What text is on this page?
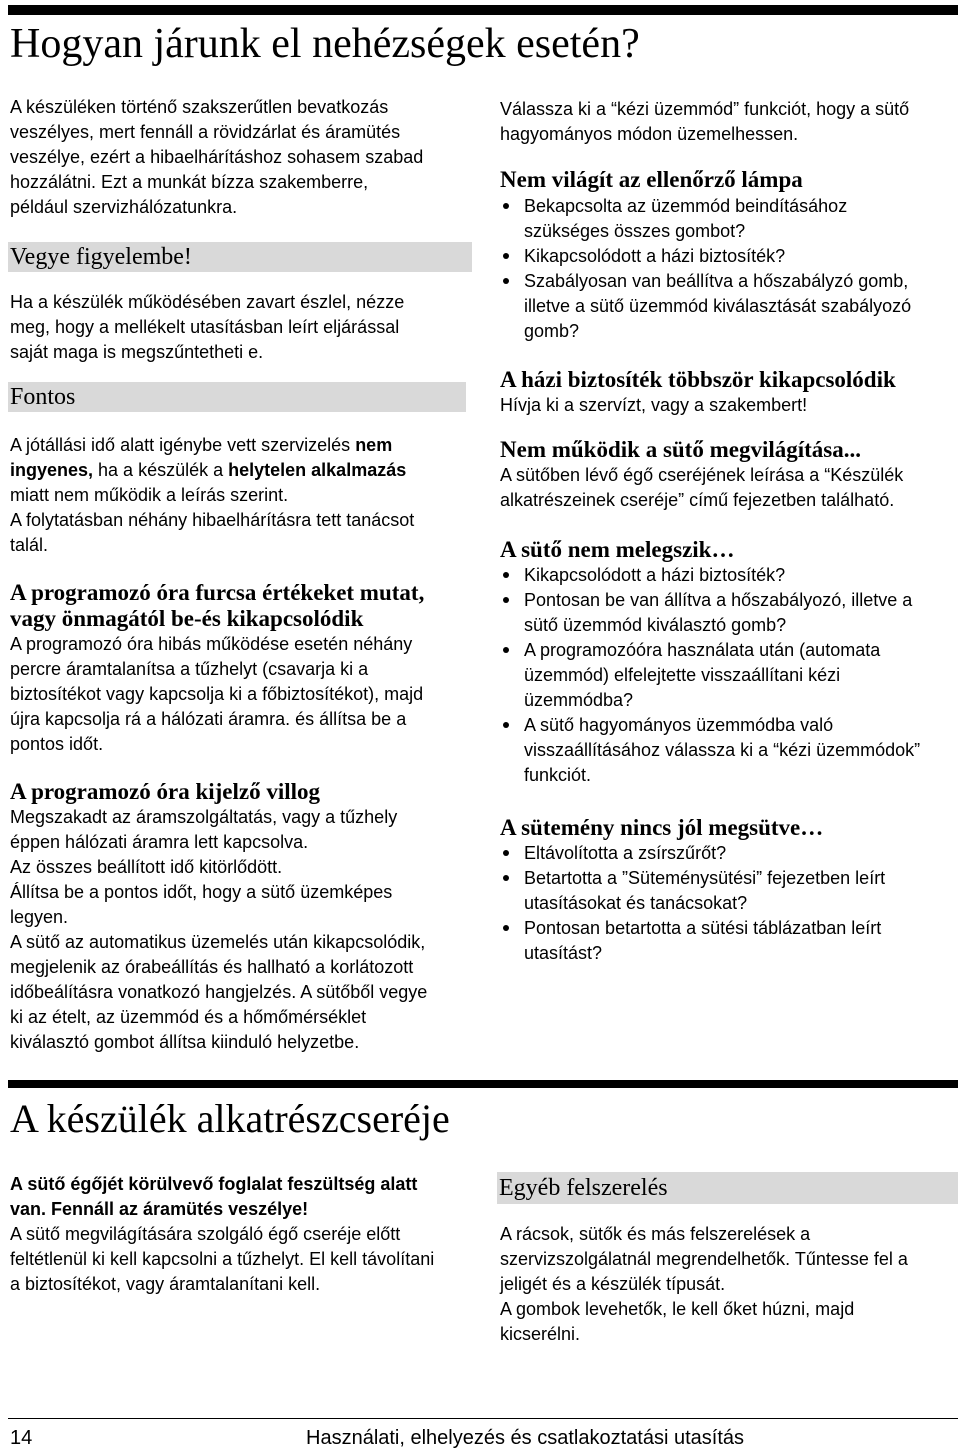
Hogyan járunk el nehézségek esetén?
A készüléken történő szakszerűtlen bevatkozás
veszélyes, mert fennáll a rövidzárlat és áramütés
veszélye, ezért a hibaelhárításhoz sohasem szabad
hozzálátni. Ezt a munkát bízza szakemberre,
például szervizhálózatunkra.
Vegye figyelembe!
Ha a készülék működésében zavart észlel, nézze
meg, hogy a mellékelt utasításban leírt eljárással
saját maga is megszűntetheti e.
Fontos
A jótállási idő alatt igénybe vett szervizelés nem
ingyenes, ha a készülék a helytelen alkalmazás
miatt nem működik a leírás szerint.
A folytatásban néhány hibaelhárításra tett tanácsot
talál.
A programozó óra furcsa értékeket mutat,
vagy önmagától be-és kikapcsolódik
A programozó óra hibás működése esetén néhány
percre áramtalanítsa a tűzhelyt (csavarja ki a
biztosítékot vagy kapcsolja ki a főbiztosítékot), majd
újra kapcsolja rá a hálózati áramra. és állítsa be a
pontos időt.
A programozó óra kijelző villog
Megszakadt az áramszolgáltatás, vagy a tűzhely
éppen hálózati áramra lett kapcsolva.
Az összes beállított idő kitörlődött.
Állítsa be a pontos időt, hogy a sütő üzemképes
legyen.
A sütő az automatikus üzemelés után kikapcsolódik,
megjelenik az órabeállítás és hallható a korlátozott
időbeálításra vonatkozó hangjelzés. A sütőből vegye
ki az ételt, az üzemmód és a hőmőmérséklet
kiválasztó gombot állítsa kiinduló helyzetbe.
Válassza ki a “kézi üzemmód” funkciót, hogy a sütő
hagyományos módon üzemelhessen.
Nem világít az ellenőrző lámpa
Bekapcsolta az üzemmód beindításához
szükséges összes gombot?
Kikapcsolódott a házi biztosíték?
Szabályosan van beállítva a hőszabályzó gomb,
illetve a sütő üzemmód kiválasztását szabályozó
gomb?
A házi biztosíték többször kikapcsolódik
Hívja ki a szervízt, vagy a szakembert!
Nem működik a sütő megvilágítása...
A sütőben lévő égő cseréjének leírása a “Készülék
alkatrészeinek cseréje” című fejezetben található.
A sütő nem melegszik…
Kikapcsolódott a házi biztosíték?
Pontosan be van állítva a hőszabályozó, illetve a
sütő üzemmód kiválasztó gomb?
A programozóóra használata után (automata
üzemmód) elfelejtette visszaállítani kézi
üzemmódba?
A sütő hagyományos üzemmódba való
visszaállításához válassza ki a “kézi üzemmódok”
funkciót.
A sütemény nincs jól megsütve…
Eltávolította a zsírszűrőt?
Betartotta a ”Süteménysütési” fejezetben leírt
utasításokat és tanácsokat?
Pontosan betartotta a sütési táblázatban leírt
utasítást?
A készülék alkatrészcseréje
A sütő égőjét körülvevő foglalat feszültség alatt
van. Fennáll az áramütés veszélye!
A sütő megvilágítására szolgáló égő cseréje előtt
feltétlenül ki kell kapcsolni a tűzhelyt. El kell távolítani
a biztosítékot, vagy áramtalanítani kell.
Egyéb felszerelés
A rácsok, sütők és más felszerelések a
szervizszolgálatnál megrendelhetők. Tűntesse fel a
jeligét és a készülék típusát.
A gombok levehetők, le kell őket húzni, majd
kicserélni.
14	Használati, elhelyezés és csatlakoztatási utasítás
